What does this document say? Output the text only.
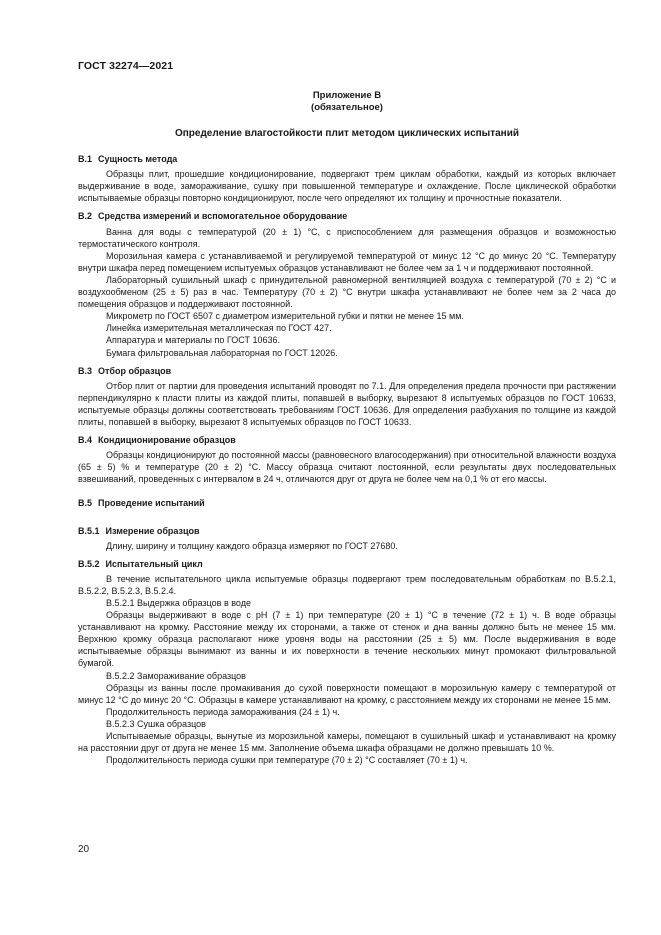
ГОСТ 32274—2021
Приложение В
(обязательное)
Определение влагостойкости плит методом циклических испытаний
В.1 Сущность метода

Образцы плит, прошедшие кондиционирование, подвергают трем циклам обработки, каждый из которых включает выдерживание в воде, замораживание, сушку при повышенной температуре и охлаждение. После циклической обработки испытываемые образцы повторно кондиционируют, после чего определяют их толщину и прочностные показатели.

В.2 Средства измерений и вспомогательное оборудование

Ванна для воды с температурой (20 ± 1) °С, с приспособлением для размещения образцов и возможностью термостатического контроля.

Морозильная камера с устанавливаемой и регулируемой температурой от минус 12 °С до минус 20 °С. Температуру внутри шкафа перед помещением испытуемых образцов устанавливают не более чем за 1 ч и поддерживают постоянной.

Лабораторный сушильный шкаф с принудительной равномерной вентиляцией воздуха с температурой (70 ± 2) °С и воздухообменом (25 ± 5) раз в час. Температуру (70 ± 2) °С внутри шкафа устанавливают не более чем за 2 часа до помещения образцов и поддерживают постоянной.

Микрометр по ГОСТ 6507 с диаметром измерительной губки и пятки не менее 15 мм.

Линейка измерительная металлическая по ГОСТ 427.

Аппаратура и материалы по ГОСТ 10636.

Бумага фильтровальная лабораторная по ГОСТ 12026.

В.3 Отбор образцов

Отбор плит от партии для проведения испытаний проводят по 7.1. Для определения предела прочности при растяжении перпендикулярно к пласти плиты из каждой плиты, попавшей в выборку, вырезают 8 испытуемых образцов по ГОСТ 10633, испытуемые образцы должны соответствовать требованиям ГОСТ 10636. Для определения разбухания по толщине из каждой плиты, попавшей в выборку, вырезают 8 испытуемых образцов по ГОСТ 10633.

В.4 Кондиционирование образцов

Образцы кондиционируют до постоянной массы (равновесного влагосодержания) при относительной влажности воздуха (65 ± 5) % и температуре (20 ± 2) °С. Массу образца считают постоянной, если результаты двух последовательных взвешиваний, проведенных с интервалом в 24 ч, отличаются друг от друга не более чем на 0,1 % от его массы.

В.5 Проведение испытаний
В.5.1 Измерение образцов

Длину, ширину и толщину каждого образца измеряют по ГОСТ 27680.

В.5.2 Испытательный цикл

В течение испытательного цикла испытуемые образцы подвергают трем последовательным обработкам по В.5.2.1, В.5.2.2, В.5.2.3, В.5.2.4.

В.5.2.1 Выдержка образцов в воде

Образцы выдерживают в воде с рН (7 ± 1) при температуре (20 ± 1) °С в течение (72 ± 1) ч. В воде образцы устанавливают на кромку. Расстояние между их сторонами, а также от стенок и дна ванны должно быть не менее 15 мм. Верхнюю кромку образца располагают ниже уровня воды на расстоянии (25 ± 5) мм. После выдерживания в воде испытываемые образцы вынимают из ванны и их поверхности в течение нескольких минут промокают фильтровальной бумагой.

В.5.2.2 Замораживание образцов

Образцы из ванны после промакивания до сухой поверхности помещают в морозильную камеру с температурой от минус 12 °С до минус 20 °С. Образцы в камере устанавливают на кромку, с расстоянием между их сторонами не менее 15 мм.

Продолжительность периода замораживания (24 ± 1) ч.

В.5.2.3 Сушка образцов

Испытываемые образцы, вынутые из морозильной камеры, помещают в сушильный шкаф и устанавливают на кромку на расстоянии друг от друга не менее 15 мм. Заполнение объема шкафа образцами не должно превышать 10 %.

Продолжительность периода сушки при температуре (70 ± 2) °С составляет (70 ± 1) ч.

20
